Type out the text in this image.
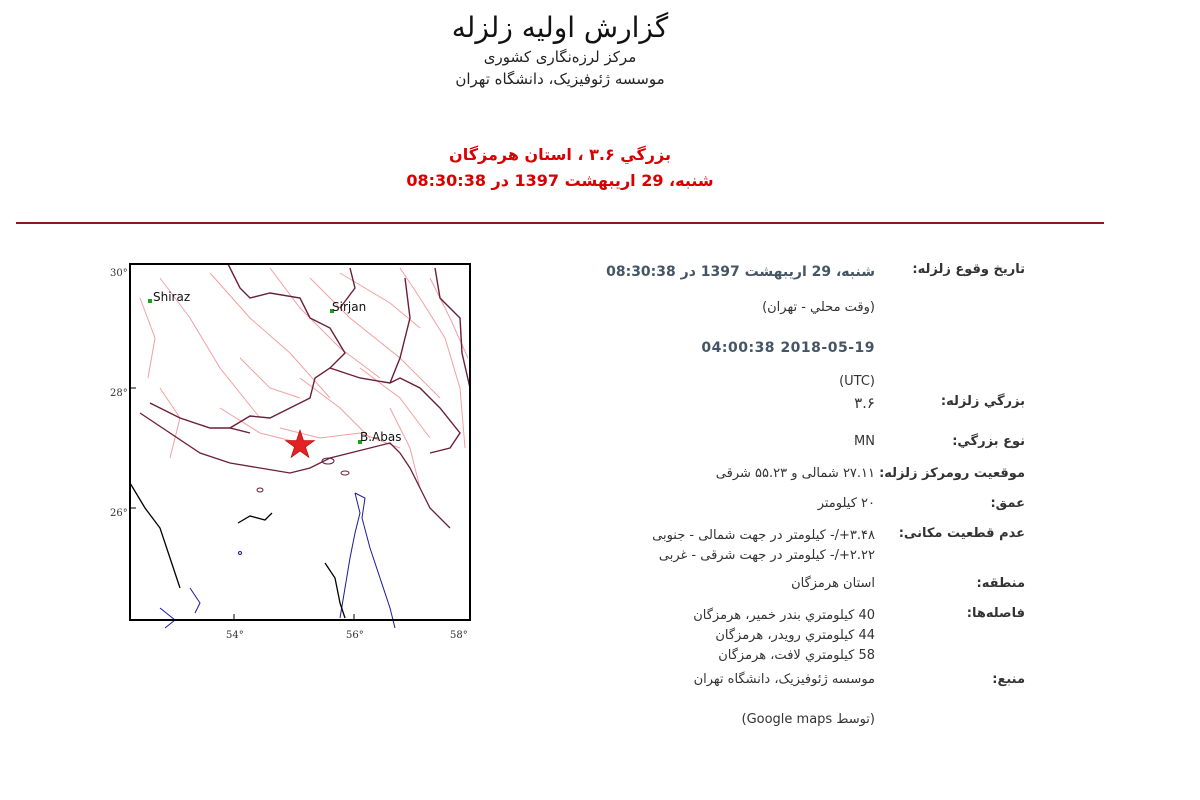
گزارش اولیه زلزله
مرکز لرزه‌نگاری کشوری
موسسه ژئوفیزیک، دانشگاه تهران
بزرگي ۳.۶ ، استان هرمزگان
شنبه، 29 اريبهشت 1397 در 08:30:38
30°
28°
26°
54°	56°	58°
Shiraz
Sirjan
B.Abas
تاریخ وقوع زلزله:
شنبه، 29 اریبهشت 1397 در 08:30:38
(وقت محلي - تهران)
2018-05-19 04:00:38
(UTC)
بزرگي زلزله:
۳.۶
نوع بزرگي:
MN
موقعیت رومرکز زلزله:
۲۷.۱۱ شمالی و ۵۵.۲۳ شرقی
عمق:
۲۰ کیلومتر
عدم قطعیت مکانی:
۳.۴۸+/- کیلومتر در جهت شمالی - جنوبی
۲.۲۲+/- کیلومتر در جهت شرقی - غربی
منطقه:
استان هرمزگان
فاصله‌ها:
40 کیلومتري بندر خمير، هرمزگان
44 کیلومتري رويدر، هرمزگان
58 کیلومتري لافت، هرمزگان
منبع:
موسسه ژئوفیزیک، دانشگاه تهران
(توسط Google maps)
